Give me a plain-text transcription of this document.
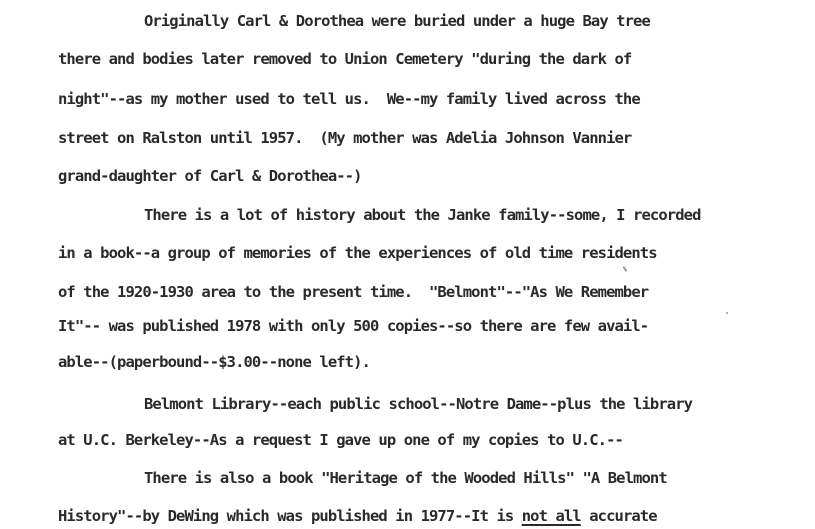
Originally Carl & Dorothea were buried under a huge Bay tree
there and bodies later removed to Union Cemetery "during the dark of
night"--as my mother used to tell us.  We--my family lived across the
street on Ralston until 1957.  (My mother was Adelia Johnson Vannier
grand-daughter of Carl & Dorothea--)
There is a lot of history about the Janke family--some, I recorded
in a book--a group of memories of the experiences of old time residents
of the 1920-1930 area to the present time.  "Belmont"--"As We Remember
It"-- was published 1978 with only 500 copies--so there are few avail-
able--(paperbound--$3.00--none left).
Belmont Library--each public school--Notre Dame--plus the library
at U.C. Berkeley--As a request I gave up one of my copies to U.C.--
There is also a book "Heritage of the Wooded Hills" "A Belmont
History"--by DeWing which was published in 1977--It is not all accurate
